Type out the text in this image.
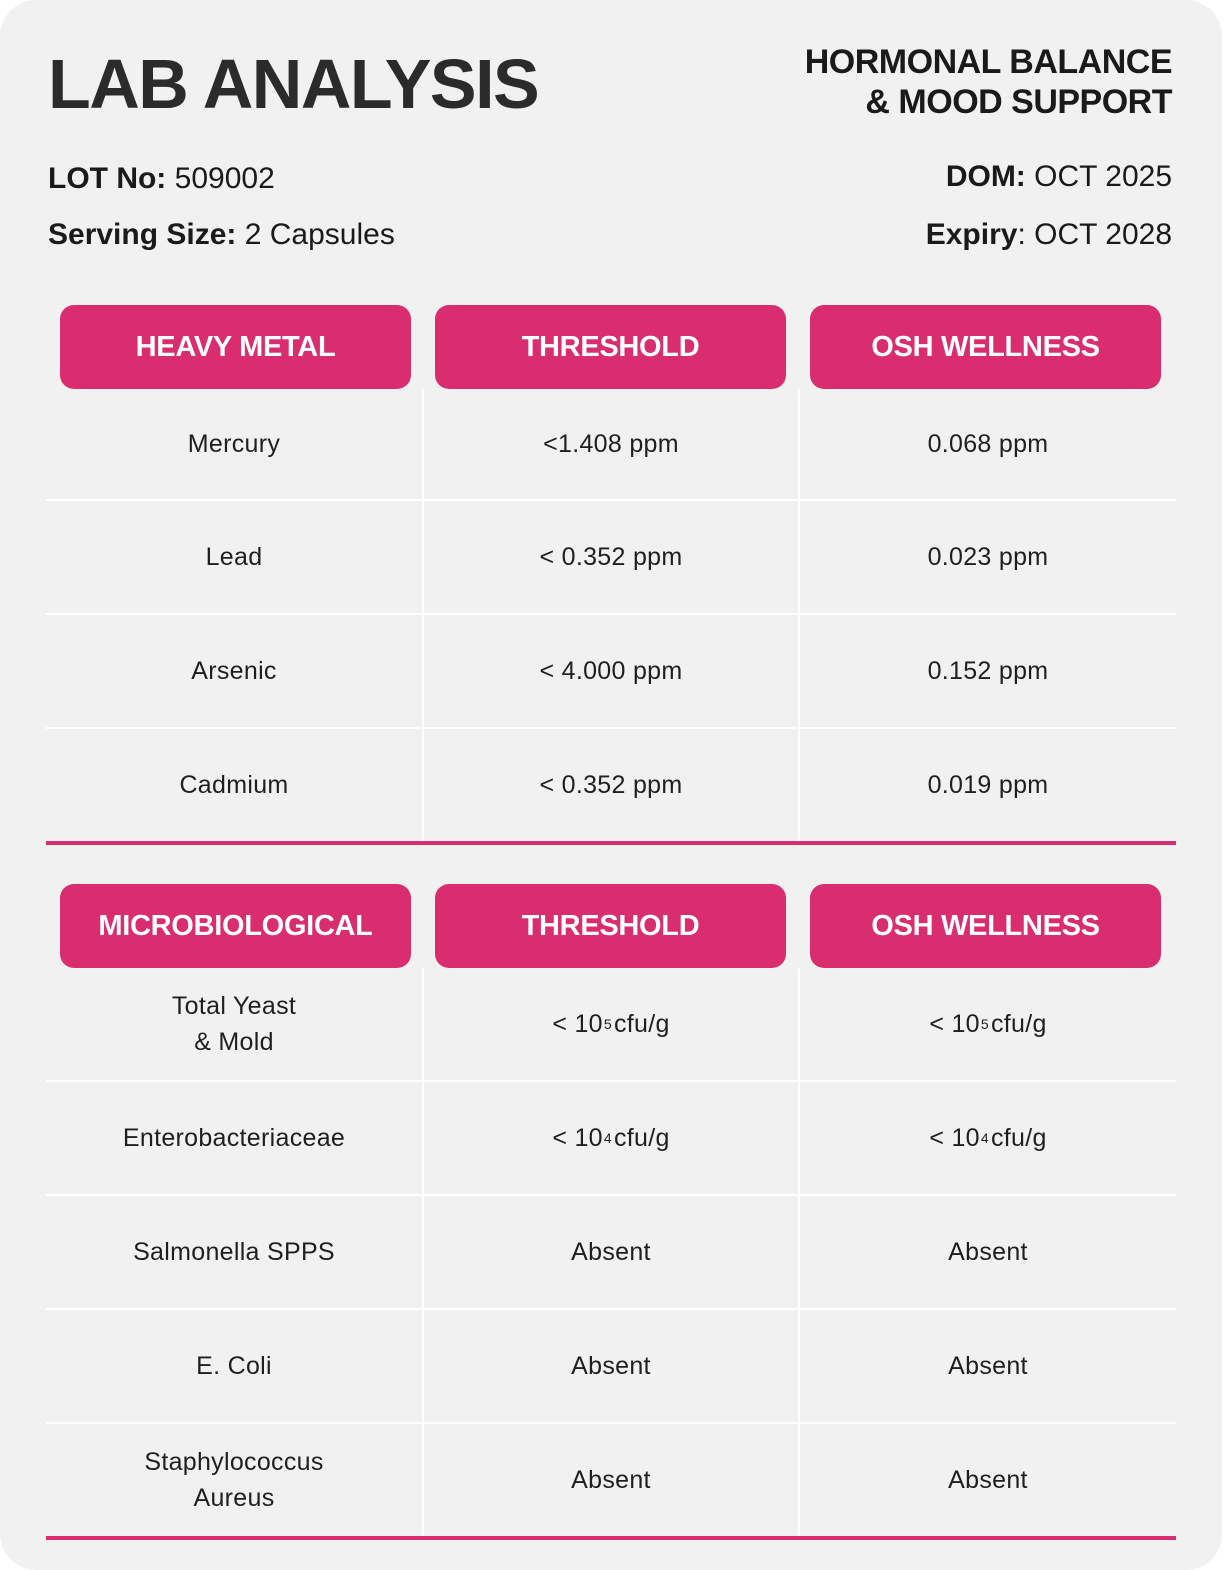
LAB ANALYSIS	HORMONAL BALANCE
& MOOD SUPPORT
LOT No: 509002
Serving Size: 2 Capsules
DOM: OCT 2025
Expiry: OCT 2028
HEAVY METAL	THRESHOLD	OSH WELLNESS
Mercury	<1.408 ppm	0.068 ppm
Lead	< 0.352 ppm	0.023 ppm
Arsenic	< 4.000 ppm	0.152 ppm
Cadmium	< 0.352 ppm	0.019 ppm
MICROBIOLOGICAL	THRESHOLD	OSH WELLNESS
Total Yeast
& Mold
< 10 5 cfu/g	< 10 5 cfu/g
Enterobacteriaceae	< 10 4 cfu/g	< 10 4 cfu/g
Salmonella SPPS	Absent	Absent
E. Coli	Absent	Absent
Staphylococcus
Aureus
Absent	Absent
